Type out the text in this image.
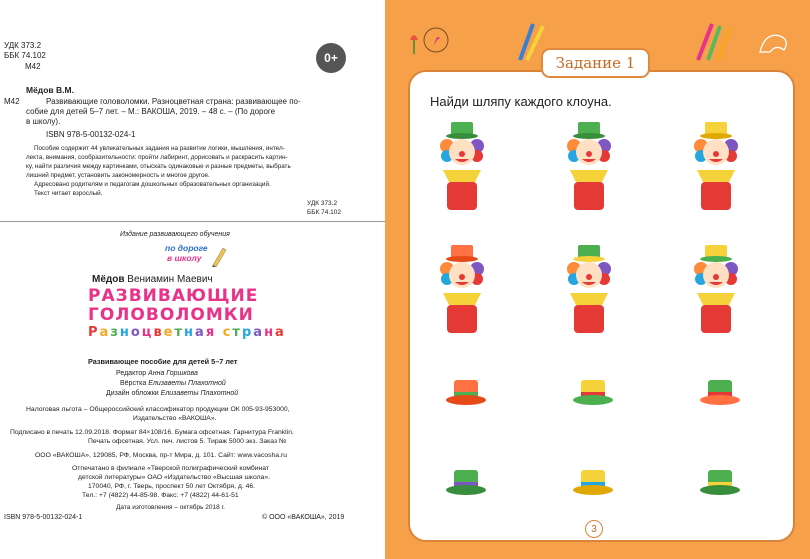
УДК 373.2
ББК 74.102
М42
0+
Мёдов В.М.
М42	Развивающие головоломки. Разноцветная страна: развивающее по-
собие для детей 5–7 лет. – М.: ВАКОША, 2019. – 48 с. – (По дороге
в школу).
ISBN 978-5-00132-024-1
Пособие содержит 44 увлекательных задания на развитие логики, мышления, интел-
лекта, внимания, сообразительности: пройти лабиринт, дорисовать и раскрасить картин-
ку, найти различия между картинками, отыскать одинаковые и разные предметы, выбрать
лишний предмет, установить закономерность и многое другое.
Адресовано родителям и педагогам дошкольных образовательных организаций.
Текст читает взрослый.
УДК 373.2
ББК 74.102
Издание развивающего обучения
по дороге
в школу
Мёдов Вениамин Маевич
РАЗВИВАЮЩИЕ
ГОЛОВОЛОМКИ
Разноцветная страна
Развивающее пособие для детей 5–7 лет
Редактор Анна Горшкова
Вёрстка Елизаветы Плахотной
Дизайн обложки Елизаветы Плахотной
Налоговая льгота – Общероссийский классификатор продукции ОК 005-93-953000,
Издательство «ВАКОША».
Подписано в печать 12.09.2018. Формат 84×108/16. Бумага офсетная. Гарнитура Franklin.
Печать офсетная. Усл. печ. листов 5. Тираж 5000 экз. Заказ №
ООО «ВАКОША», 129085, РФ, Москва, пр-т Мира, д. 101. Сайт: www.vacosha.ru
Отпечатано в филиале «Тверской полиграфический комбинат
детской литературы» ОАО «Издательство «Высшая школа».
170040, РФ, г. Тверь, проспект 50 лет Октября, д. 46.
Тел.: +7 (4822) 44-85-98. Факс: +7 (4822) 44-61-51
Дата изготовления – октябрь 2018 г.
ISBN 978-5-00132-024-1	© ООО «ВАКОША», 2019
Задание 1
Найди шляпу каждого клоуна.
3
